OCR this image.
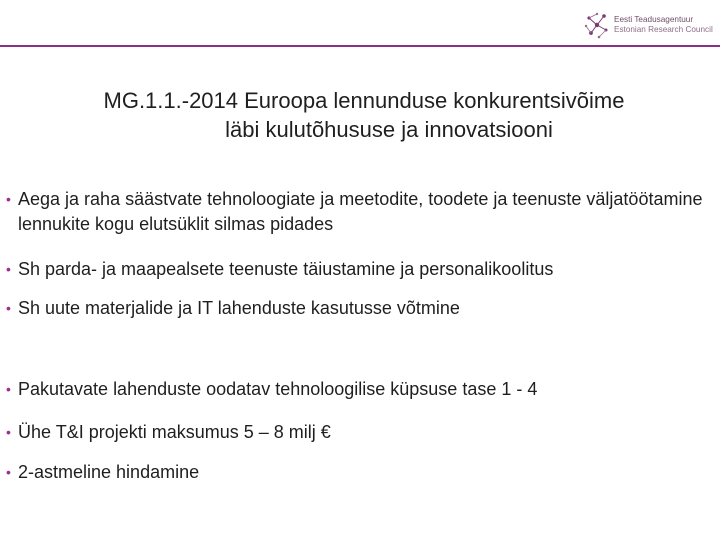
Eesti Teadusagentuur
Estonian Research Council
MG.1.1.-2014 Euroopa lennunduse konkurentsivõime
läbi kulutõhususe ja innovatsiooni
• Aega ja raha säästvate tehnoloogiate ja meetodite, toodete ja teenuste väljatöötamine lennukite kogu elutsüklit silmas pidades
• Sh parda- ja maapealsete teenuste täiustamine ja personalikoolitus
• Sh uute materjalide ja IT lahenduste kasutusse võtmine
• Pakutavate lahenduste oodatav tehnoloogilise küpsuse tase 1 - 4
• Ühe T&I projekti maksumus 5 – 8 milj €
• 2-astmeline hindamine
